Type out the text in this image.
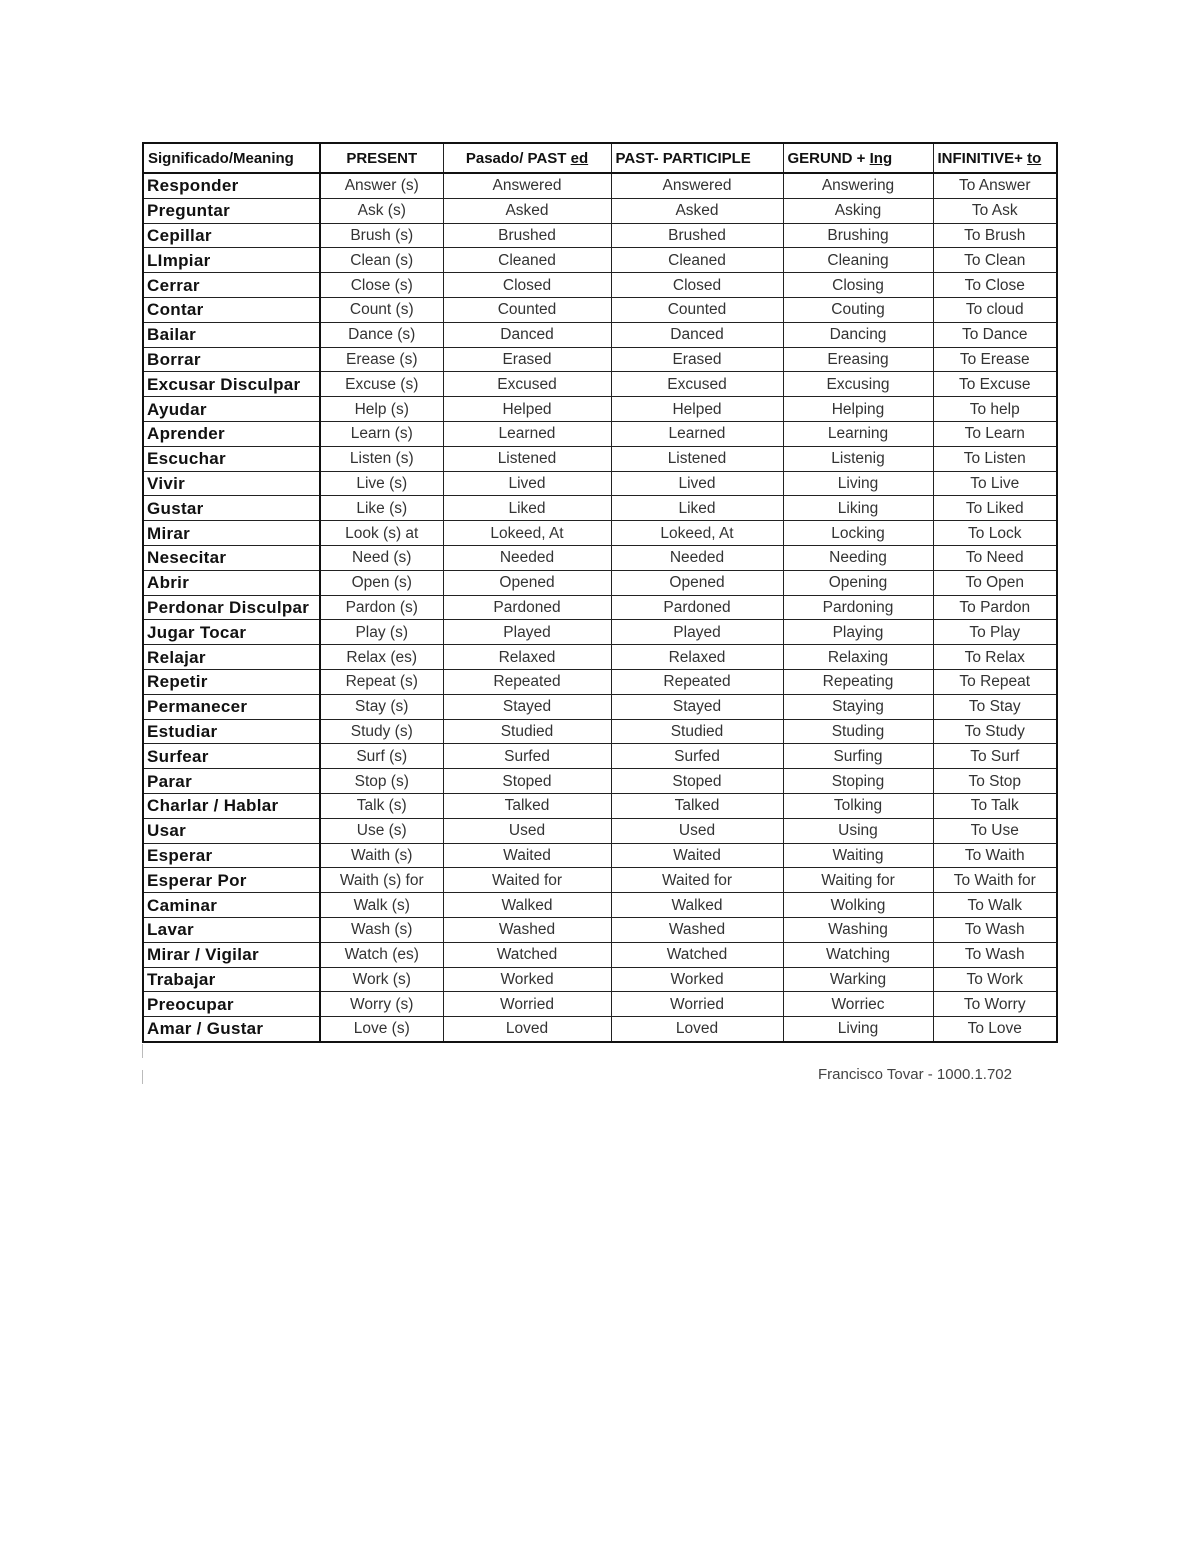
Significado/Meaning	PRESENT	Pasado/ PAST ed	PAST- PARTICIPLE	GERUND + Ing	INFINITIVE+ to
Responder	Answer (s)	Answered	Answered	Answering	To Answer
Preguntar	Ask (s)	Asked	Asked	Asking	To Ask
Cepillar	Brush (s)	Brushed	Brushed	Brushing	To Brush
LImpiar	Clean (s)	Cleaned	Cleaned	Cleaning	To Clean
Cerrar	Close (s)	Closed	Closed	Closing	To Close
Contar	Count (s)	Counted	Counted	Couting	To cloud
Bailar	Dance (s)	Danced	Danced	Dancing	To Dance
Borrar	Erease (s)	Erased	Erased	Ereasing	To Erease
Excusar Disculpar	Excuse (s)	Excused	Excused	Excusing	To Excuse
Ayudar	Help (s)	Helped	Helped	Helping	To help
Aprender	Learn (s)	Learned	Learned	Learning	To Learn
Escuchar	Listen (s)	Listened	Listened	Listenig	To Listen
Vivir	Live (s)	Lived	Lived	Living	To Live
Gustar	Like (s)	Liked	Liked	Liking	To Liked
Mirar	Look (s) at	Lokeed, At	Lokeed, At	Locking	To Lock
Nesecitar	Need (s)	Needed	Needed	Needing	To Need
Abrir	Open (s)	Opened	Opened	Opening	To Open
Perdonar Disculpar	Pardon (s)	Pardoned	Pardoned	Pardoning	To Pardon
Jugar Tocar	Play (s)	Played	Played	Playing	To Play
Relajar	Relax (es)	Relaxed	Relaxed	Relaxing	To Relax
Repetir	Repeat (s)	Repeated	Repeated	Repeating	To Repeat
Permanecer	Stay (s)	Stayed	Stayed	Staying	To Stay
Estudiar	Study (s)	Studied	Studied	Studing	To Study
Surfear	Surf (s)	Surfed	Surfed	Surfing	To Surf
Parar	Stop (s)	Stoped	Stoped	Stoping	To Stop
Charlar / Hablar	Talk (s)	Talked	Talked	Tolking	To Talk
Usar	Use (s)	Used	Used	Using	To Use
Esperar	Waith (s)	Waited	Waited	Waiting	To Waith
Esperar Por	Waith (s) for	Waited for	Waited for	Waiting for	To Waith for
Caminar	Walk (s)	Walked	Walked	Wolking	To Walk
Lavar	Wash (s)	Washed	Washed	Washing	To Wash
Mirar / Vigilar	Watch (es)	Watched	Watched	Watching	To Wash
Trabajar	Work (s)	Worked	Worked	Warking	To Work
Preocupar	Worry (s)	Worried	Worried	Worriec	To Worry
Amar / Gustar	Love (s)	Loved	Loved	Living	To Love
Francisco Tovar - 1000.1.702
